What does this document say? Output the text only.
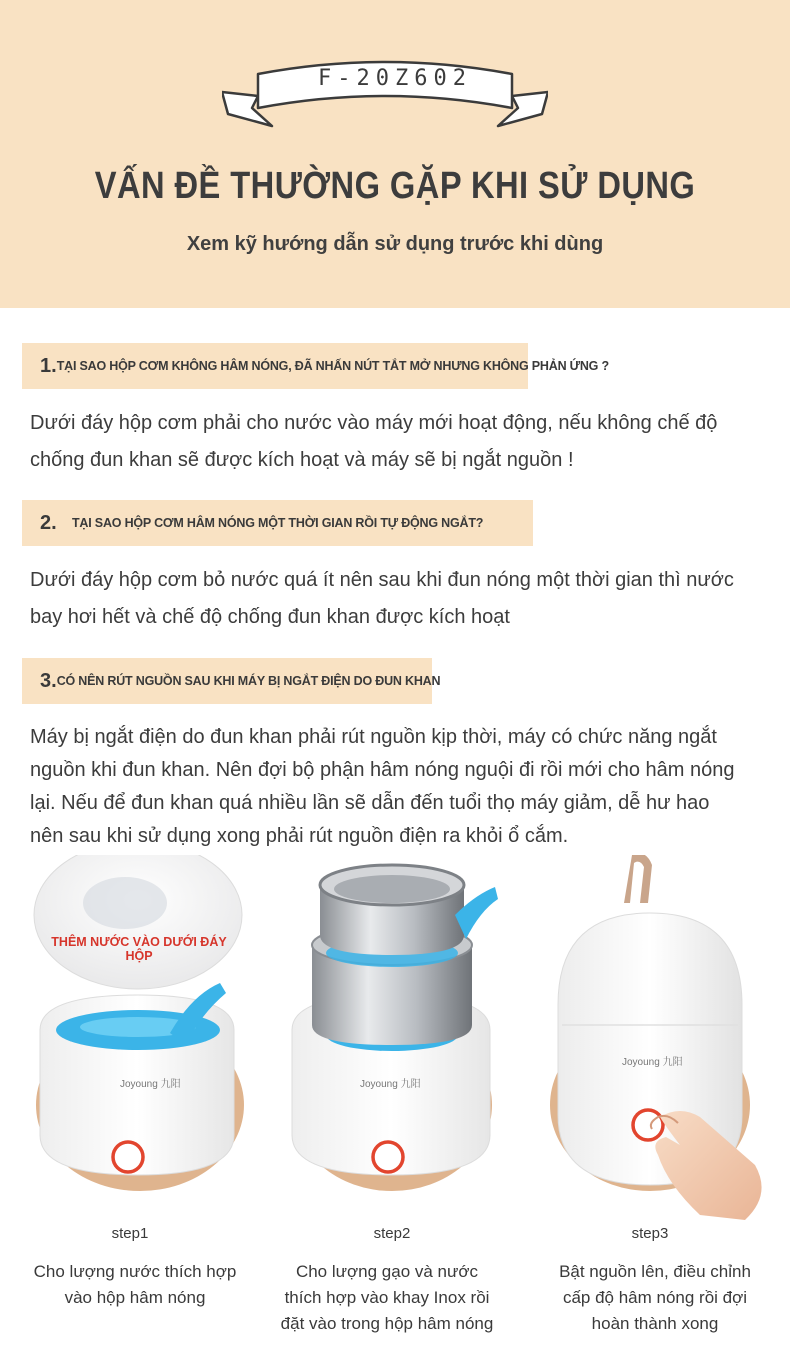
F-20Z602
VẤN ĐỀ THƯỜNG GẶP KHI SỬ DỤNG
Xem kỹ hướng dẫn sử dụng trước khi dùng
1. TẠI SAO HỘP CƠM KHÔNG HÂM NÓNG, ĐÃ NHẤN NÚT TẮT MỞ NHƯNG KHÔNG PHẢN ỨNG ?
Dưới đáy hộp cơm phải cho nước vào máy mới hoạt động, nếu không chế độ
chống đun khan sẽ được kích hoạt và máy sẽ bị ngắt nguồn !
2.	TẠI SAO HỘP CƠM HÂM NÓNG MỘT THỜI GIAN RỒI TỰ ĐỘNG NGẮT?
Dưới đáy hộp cơm bỏ nước quá ít nên sau khi đun nóng một thời gian thì nước
bay hơi hết và chế độ chống đun khan được kích hoạt
3. CÓ NÊN RÚT NGUỒN SAU KHI MÁY BỊ NGẮT ĐIỆN DO ĐUN KHAN
Máy bị ngắt điện do đun khan phải rút nguồn kịp thời, máy có chức năng ngắt
nguồn khi đun khan. Nên đợi bộ phận hâm nóng nguội đi rồi mới cho hâm nóng
lại. Nếu để đun khan quá nhiều lần sẽ dẫn đến tuổi thọ máy giảm, dễ hư hao
nên sau khi sử dụng xong phải rút nguồn điện ra khỏi ổ cắm.
Joyoung 九阳
THÊM NƯỚC VÀO DƯỚI ĐÁY HỘP
Joyoung 九阳
Joyoung 九阳
step1
Cho lượng nước thích hợp
vào hộp hâm nóng
step2
Cho lượng gạo và nước
thích hợp vào khay Inox rồi
đặt vào trong hộp hâm nóng
step3
Bật nguồn lên, điều chỉnh
cấp độ hâm nóng rồi đợi
hoàn thành xong
